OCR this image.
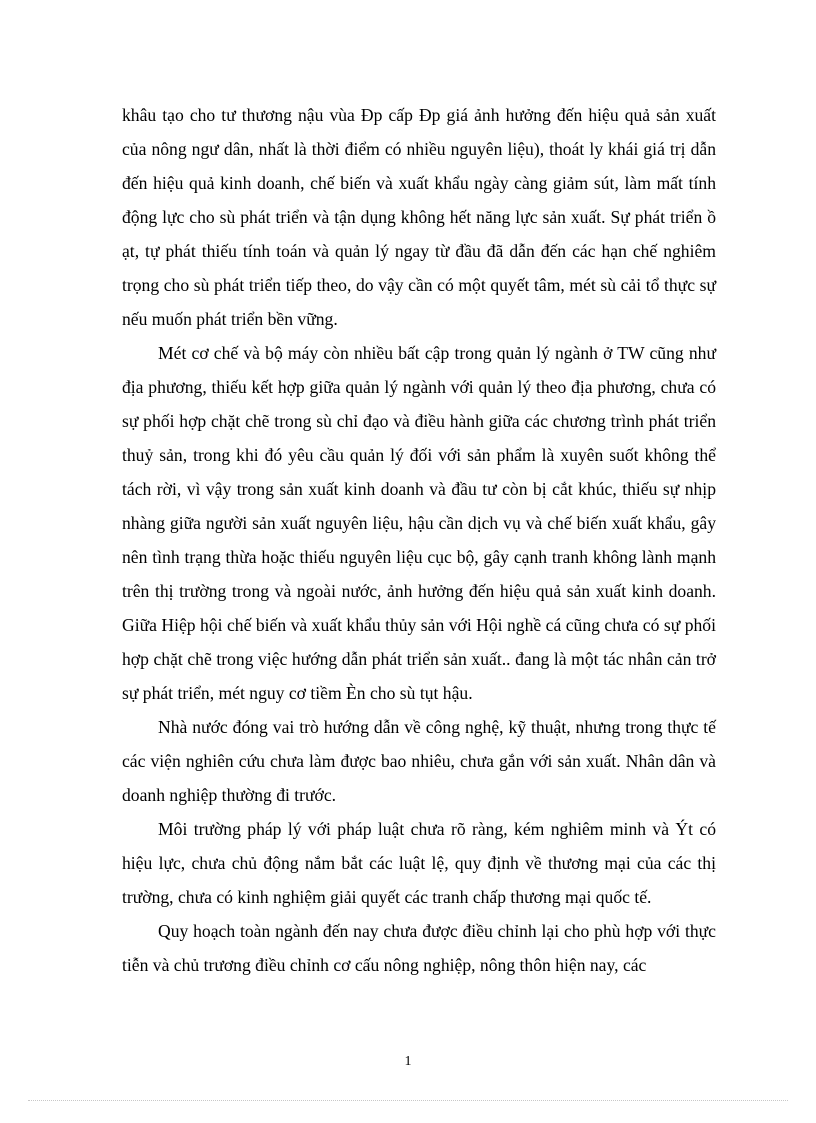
khâu tạo cho tư thương nậu vùa Đp cấp Đp giá ảnh hưởng đến hiệu quả sản xuất của nông ngư dân, nhất là thời điểm có nhiều nguyên liệu), thoát ly khái giá trị dẫn đến hiệu quả kinh doanh, chế biến và xuất khẩu ngày càng giảm sút, làm mất tính động lực cho sù phát triển và tận dụng không hết năng lực sản xuất. Sự phát triển ồ ạt, tự phát thiếu tính toán và quản lý ngay từ đầu đã dẫn đến các hạn chế nghiêm trọng cho sù phát triển tiếp theo, do vậy cần có một quyết tâm, mét sù cải tổ thực sự nếu muốn phát triển bền vững.

Mét cơ chế và bộ máy còn nhiều bất cập trong quản lý ngành ở TW cũng như địa phương, thiếu kết hợp giữa quản lý ngành với quản lý theo địa phương, chưa có sự phối hợp chặt chẽ trong sù chỉ đạo và điều hành giữa các chương trình phát triển thuỷ sản, trong khi đó yêu cầu quản lý đối với sản phẩm là xuyên suốt không thể tách rời, vì vậy trong sản xuất kinh doanh và đầu tư còn bị cắt khúc, thiếu sự nhịp nhàng giữa người sản xuất nguyên liệu, hậu cần dịch vụ và chế biến xuất khẩu, gây nên tình trạng thừa hoặc thiếu nguyên liệu cục bộ, gây cạnh tranh không lành mạnh trên thị trường trong và ngoài nước, ảnh hưởng đến hiệu quả sản xuất kinh doanh. Giữa Hiệp hội chế biến và xuất khẩu thủy sản với Hội nghề cá cũng chưa có sự phối hợp chặt chẽ trong việc hướng dẫn phát triển sản xuất.. đang là một tác nhân cản trở sự phát triển, mét nguy cơ tiềm Èn cho sù tụt hậu.

Nhà nước đóng vai trò hướng dẫn về công nghệ, kỹ thuật, nhưng trong thực tế các viện nghiên cứu chưa làm được bao nhiêu, chưa gắn với sản xuất. Nhân dân và doanh nghiệp thường đi trước.

Môi trường pháp lý với pháp luật chưa rõ ràng, kém nghiêm minh và Ýt có hiệu lực, chưa chủ động nắm bắt các luật lệ, quy định về thương mại của các thị trường, chưa có kinh nghiệm giải quyết các tranh chấp thương mại quốc tế.

Quy hoạch toàn ngành đến nay chưa được điều chỉnh lại cho phù hợp với thực tiễn và chủ trương điều chỉnh cơ cấu nông nghiệp, nông thôn hiện nay, các

1
